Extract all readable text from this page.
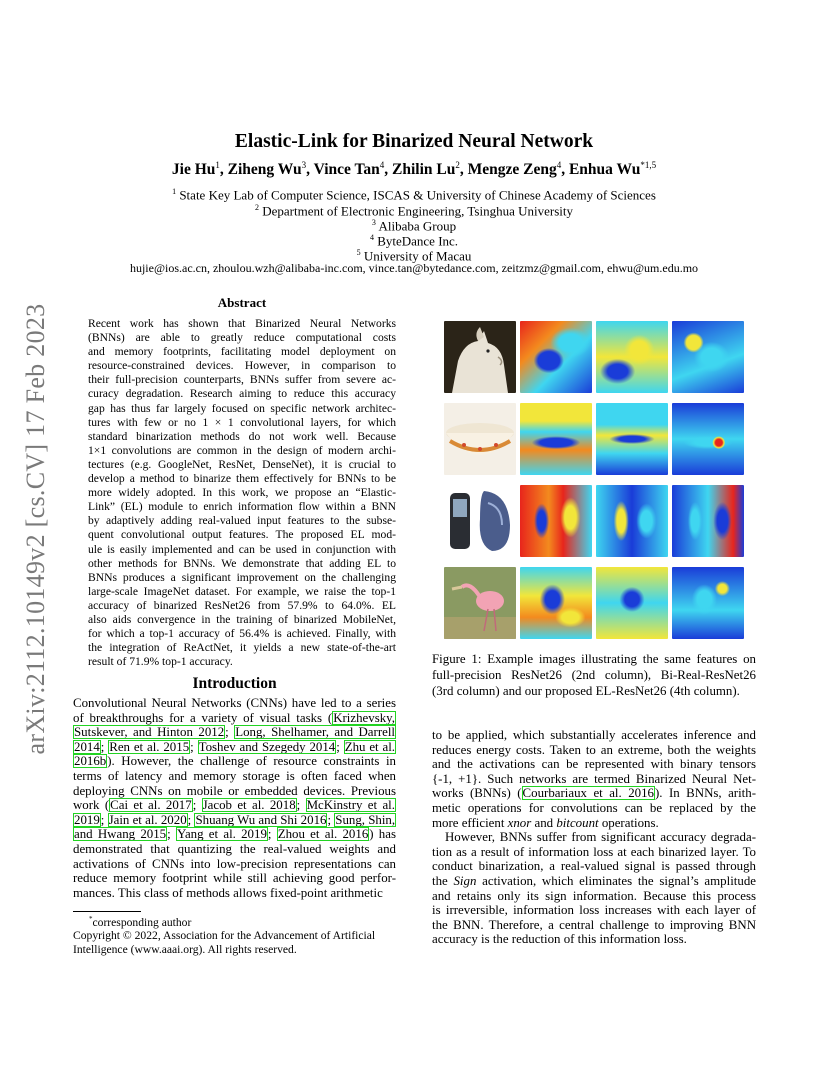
arXiv:2112.10149v2 [cs.CV] 17 Feb 2023
Elastic-Link for Binarized Neural Network
Jie Hu$^1$, Ziheng Wu$^3$, Vince Tan$^4$, Zhilin Lu$^2$, Mengze Zeng$^4$, Enhua Wu$^{*1,5}$
$^1$ State Key Lab of Computer Science, ISCAS & University of Chinese Academy of Sciences
$^2$ Department of Electronic Engineering, Tsinghua University
$^3$ Alibaba Group
$^4$ ByteDance Inc.
$^5$ University of Macau
hujie@ios.ac.cn, zhoulou.wzh@alibaba-inc.com, vince.tan@bytedance.com, zeitzmz@gmail.com, ehwu@um.edu.mo
Abstract
Recent work has shown that Binarized Neural Networks
(BNNs) are able to greatly reduce computational costs
and memory footprints, facilitating model deployment on
resource-constrained devices. However, in comparison to
their full-precision counterparts, BNNs suffer from severe ac-
curacy degradation. Research aiming to reduce this accuracy
gap has thus far largely focused on specific network architec-
tures with few or no 1 × 1 convolutional layers, for which
standard binarization methods do not work well. Because
1×1 convolutions are common in the design of modern archi-
tectures (e.g. GoogleNet, ResNet, DenseNet), it is crucial to
develop a method to binarize them effectively for BNNs to be
more widely adopted. In this work, we propose an “Elastic-
Link” (EL) module to enrich information flow within a BNN
by adaptively adding real-valued input features to the subse-
quent convolutional output features. The proposed EL mod-
ule is easily implemented and can be used in conjunction with
other methods for BNNs. We demonstrate that adding EL to
BNNs produces a significant improvement on the challenging
large-scale ImageNet dataset. For example, we raise the top-1
accuracy of binarized ResNet26 from 57.9% to 64.0%. EL
also aids convergence in the training of binarized MobileNet,
for which a top-1 accuracy of 56.4% is achieved. Finally, with
the integration of ReActNet, it yields a new state-of-the-art
result of 71.9% top-1 accuracy.
Introduction
Convolutional Neural Networks (CNNs) have led to a series
of breakthroughs for a variety of visual tasks (Krizhevsky,
Sutskever, and Hinton 2012; Long, Shelhamer, and Darrell
2014; Ren et al. 2015; Toshev and Szegedy 2014; Zhu et al.
2016b). However, the challenge of resource constraints in
terms of latency and memory storage is often faced when
deploying CNNs on mobile or embedded devices. Previous
work (Cai et al. 2017; Jacob et al. 2018; McKinstry et al.
2019; Jain et al. 2020; Shuang Wu and Shi 2016; Sung, Shin,
and Hwang 2015; Yang et al. 2019; Zhou et al. 2016) has
demonstrated that quantizing the real-valued weights and
activations of CNNs into low-precision representations can
reduce memory footprint while still achieving good perfor-
mances. This class of methods allows fixed-point arithmetic
*corresponding author
Copyright © 2022, Association for the Advancement of Artificial
Intelligence (www.aaai.org). All rights reserved.
Figure 1: Example images illustrating the same features on
full-precision ResNet26 (2nd column), Bi-Real-ResNet26
(3rd column) and our proposed EL-ResNet26 (4th column).
to be applied, which substantially accelerates inference and
reduces energy costs. Taken to an extreme, both the weights
and the activations can be represented with binary tensors
{-1, +1}. Such networks are termed Binarized Neural Net-
works (BNNs) (Courbariaux et al. 2016). In BNNs, arith-
metic operations for convolutions can be replaced by the
more efficient xnor and bitcount operations.
However, BNNs suffer from significant accuracy degrada-
tion as a result of information loss at each binarized layer. To
conduct binarization, a real-valued signal is passed through
the Sign activation, which eliminates the signal’s amplitude
and retains only its sign information. Because this process
is irreversible, information loss increases with each layer of
the BNN. Therefore, a central challenge to improving BNN
accuracy is the reduction of this information loss.
